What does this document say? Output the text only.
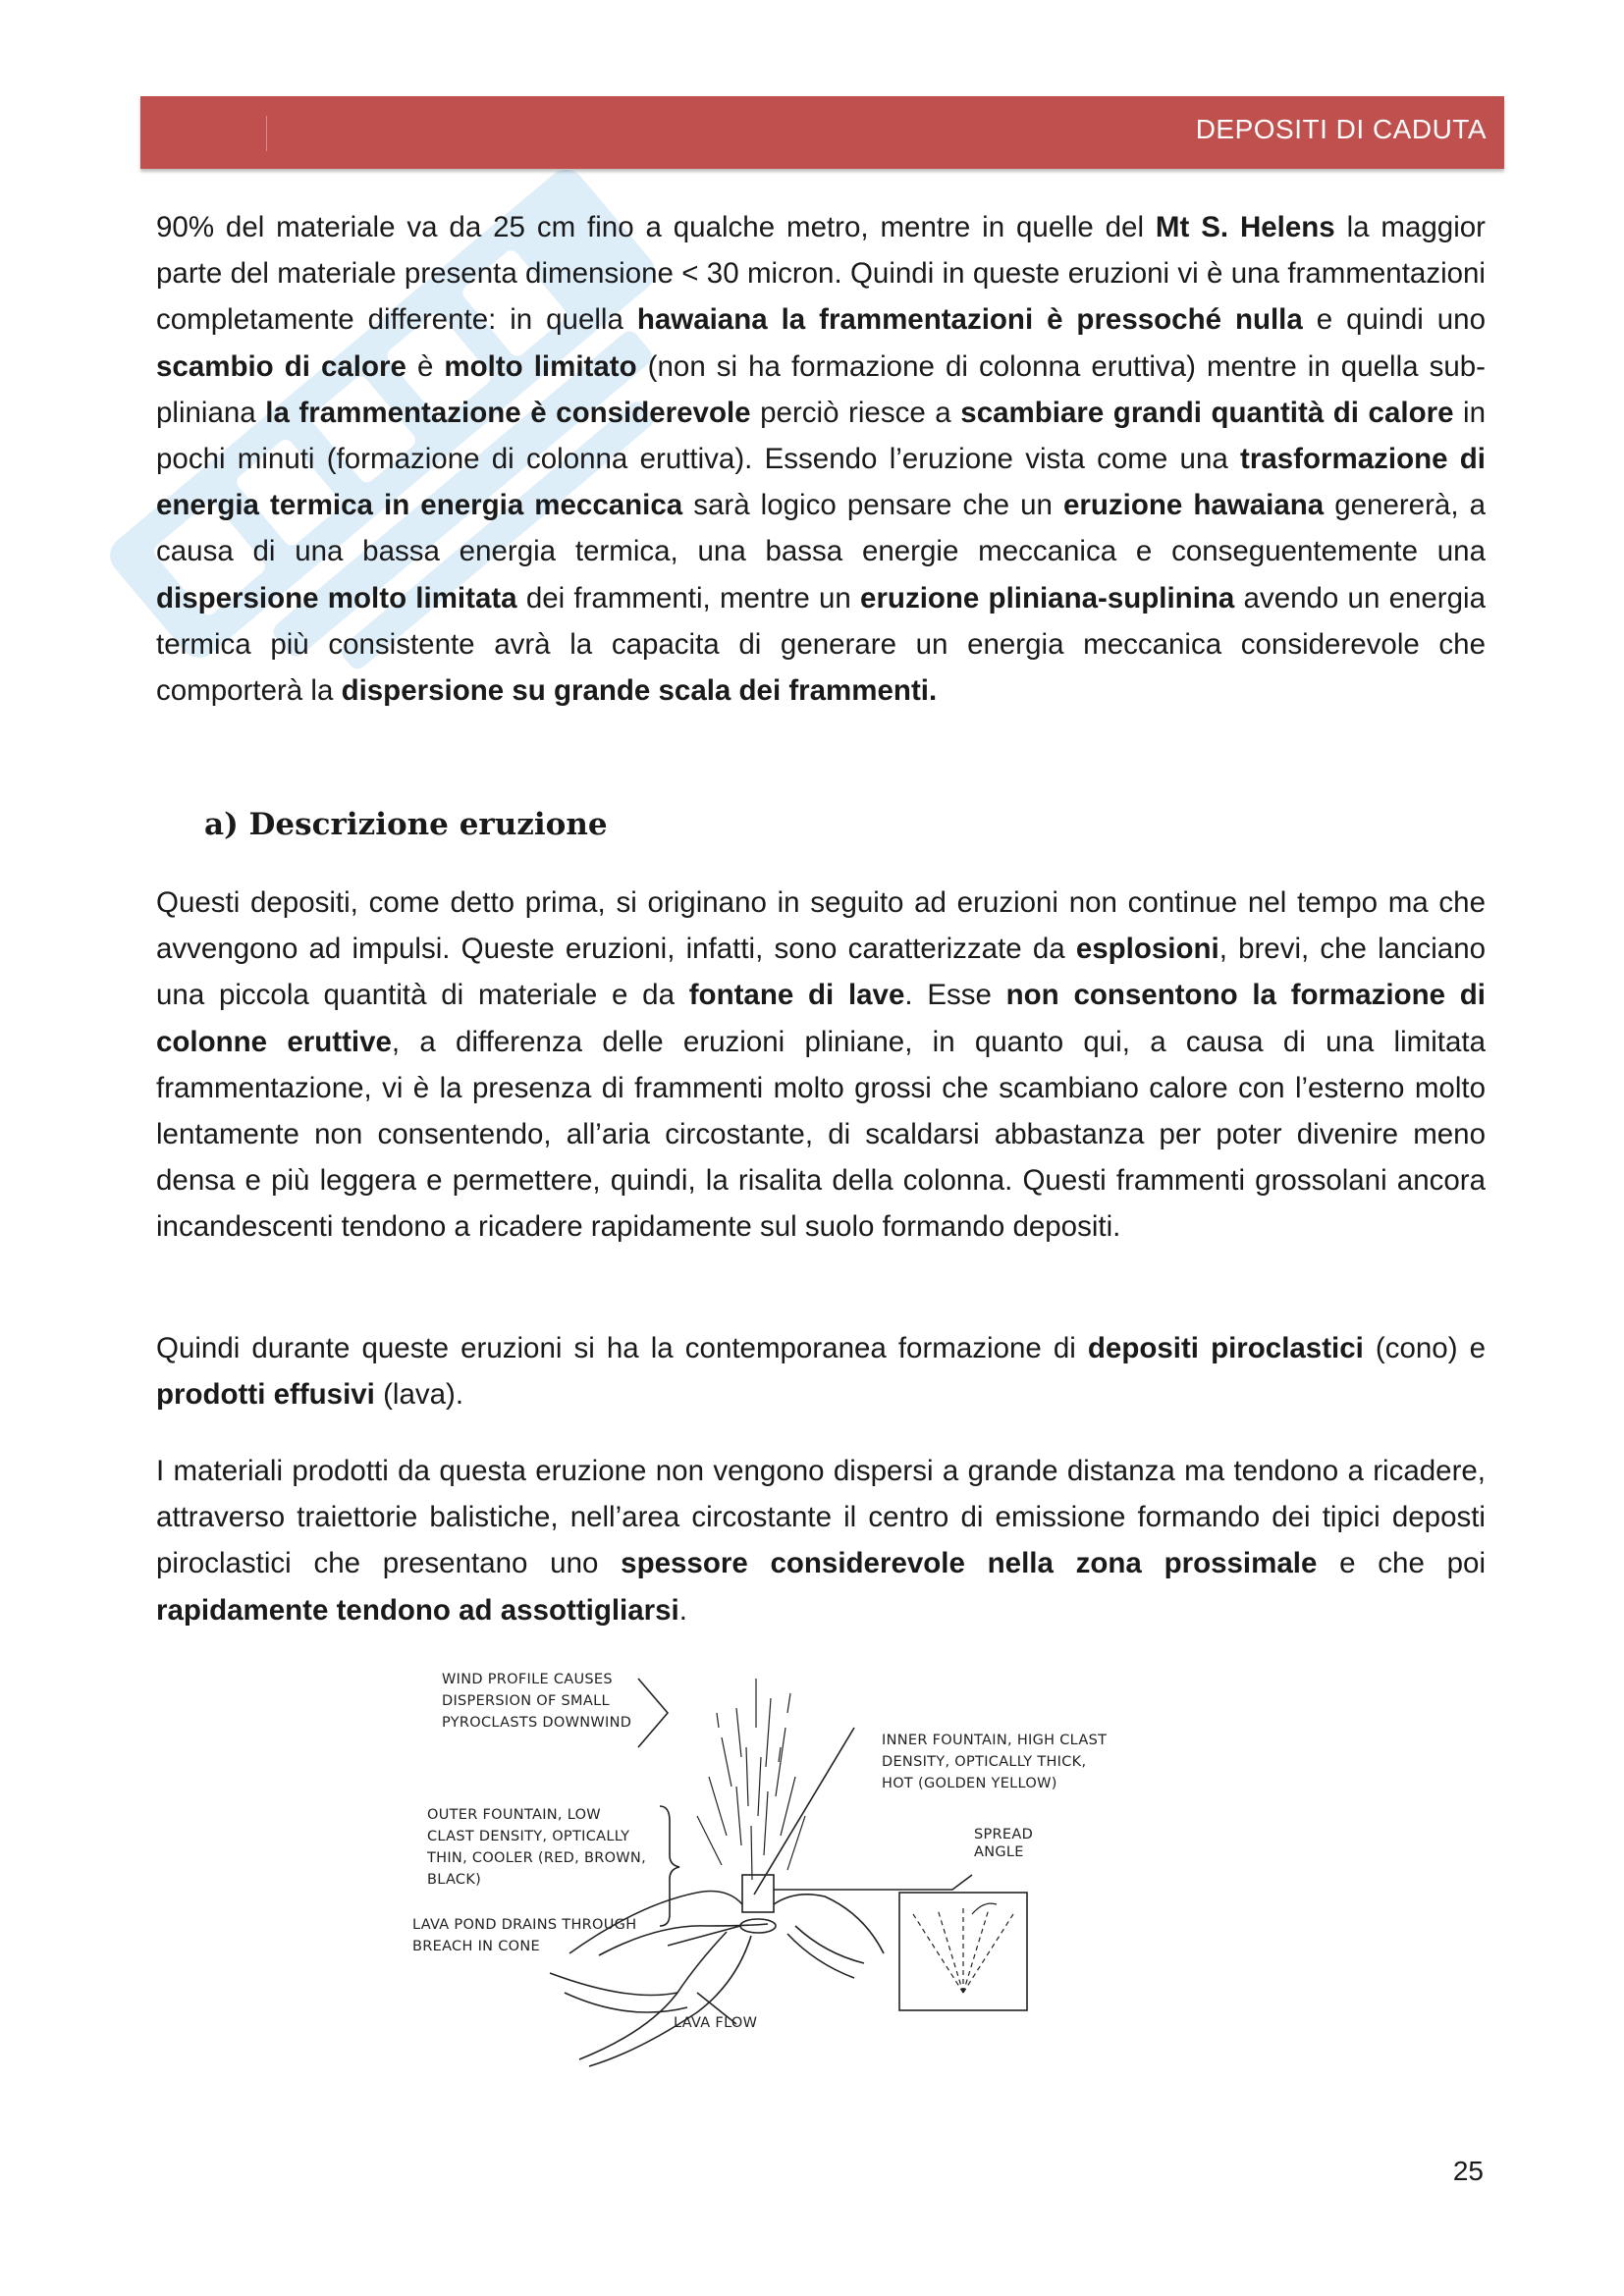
DEPOSITI DI CADUTA

90% del materiale va da 25 cm fino a qualche metro, mentre in quelle del Mt S. Helens la maggior parte del materiale presenta dimensione < 30 micron. Quindi in queste eruzioni vi è una frammentazioni completamente differente: in quella hawaiana la frammentazioni è pressoché nulla e quindi uno scambio di calore è molto limitato (non si ha formazione di colonna eruttiva) mentre in quella sub-pliniana la frammentazione è considerevole perciò riesce a scambiare grandi quantità di calore in pochi minuti (formazione di colonna eruttiva). Essendo l’eruzione vista come una trasformazione di energia termica in energia meccanica sarà logico pensare che un eruzione hawaiana genererà, a causa di una bassa energia termica, una bassa energie meccanica e conseguentemente una dispersione molto limitata dei frammenti, mentre un eruzione pliniana-suplinina avendo un energia termica più consistente avrà la capacita di generare un energia meccanica considerevole che comporterà la dispersione su grande scala dei frammenti.

a) Descrizione eruzione

Questi depositi, come detto prima, si originano in seguito ad eruzioni non continue nel tempo ma che avvengono ad impulsi. Queste eruzioni, infatti, sono caratterizzate da esplosioni, brevi, che lanciano una piccola quantità di materiale e da fontane di lave. Esse non consentono la formazione di colonne eruttive, a differenza delle eruzioni pliniane, in quanto qui, a causa di una limitata frammentazione, vi è la presenza di frammenti molto grossi che scambiano calore con l’esterno molto lentamente non consentendo, all’aria circostante, di scaldarsi abbastanza per poter divenire meno densa e più leggera e permettere, quindi, la risalita della colonna. Questi frammenti grossolani ancora incandescenti tendono a ricadere rapidamente sul suolo formando depositi.

Quindi durante queste eruzioni si ha la contemporanea formazione di depositi piroclastici (cono) e prodotti effusivi (lava).

I materiali prodotti da questa eruzione non vengono dispersi a grande distanza ma tendono a ricadere, attraverso traiettorie balistiche, nell’area circostante il centro di emissione formando dei tipici deposti piroclastici che presentano uno spessore considerevole nella zona prossimale e che poi rapidamente tendono ad assottigliarsi.

WIND PROFILE CAUSES
DISPERSION OF SMALL
PYROCLASTS DOWNWIND
INNER FOUNTAIN, HIGH CLAST
DENSITY, OPTICALLY THICK,
HOT (GOLDEN YELLOW)
OUTER FOUNTAIN, LOW
CLAST DENSITY, OPTICALLY
THIN, COOLER (RED, BROWN,
BLACK)
SPREAD
ANGLE
LAVA POND DRAINS THROUGH
BREACH IN CONE
LAVA FLOW
25
